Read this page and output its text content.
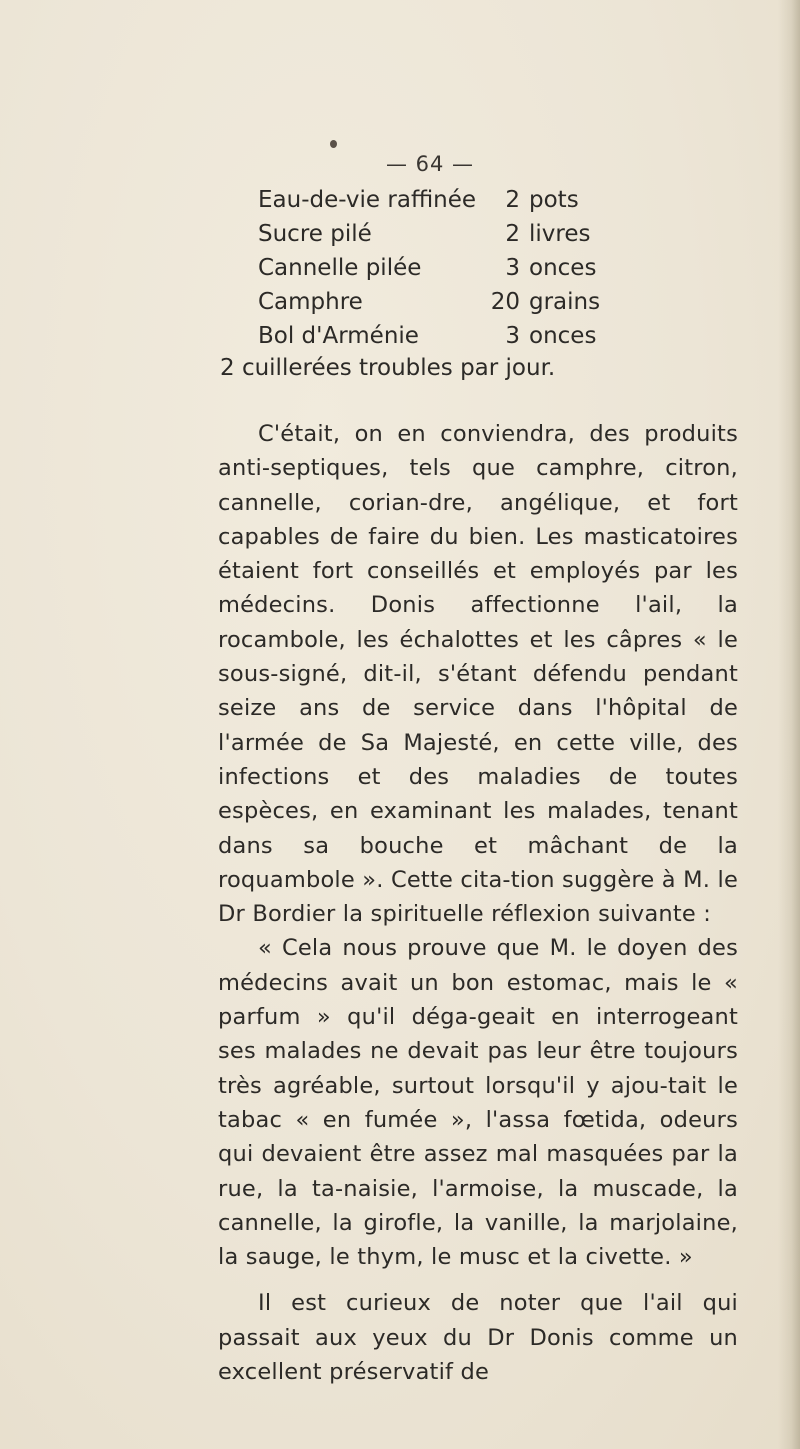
— 64 —
Eau-de-vie raffinée	2 pots
Sucre pilé	2 livres
Cannelle pilée	3 onces
Camphre	20 grains
Bol d'Arménie	3 onces
2 cuillerées troubles par jour.

C'était, on en conviendra, des produits anti-septiques, tels que camphre, citron, cannelle, corian-dre, angélique, et fort capables de faire du bien. Les masticatoires étaient fort conseillés et employés par les médecins. Donis affectionne l'ail, la rocambole, les échalottes et les câpres « le sous-signé, dit-il, s'étant défendu pendant seize ans de service dans l'hôpital de l'armée de Sa Majesté, en cette ville, des infections et des maladies de toutes espèces, en examinant les malades, tenant dans sa bouche et mâchant de la roquambole ». Cette cita-tion suggère à M. le Dr Bordier la spirituelle réflexion suivante :

« Cela nous prouve que M. le doyen des médecins avait un bon estomac, mais le « parfum » qu'il déga-geait en interrogeant ses malades ne devait pas leur être toujours très agréable, surtout lorsqu'il y ajou-tait le tabac « en fumée », l'assa fœtida, odeurs qui devaient être assez mal masquées par la rue, la ta-naisie, l'armoise, la muscade, la cannelle, la girofle, la vanille, la marjolaine, la sauge, le thym, le musc et la civette. »

Il est curieux de noter que l'ail qui passait aux yeux du Dr Donis comme un excellent préservatif de
